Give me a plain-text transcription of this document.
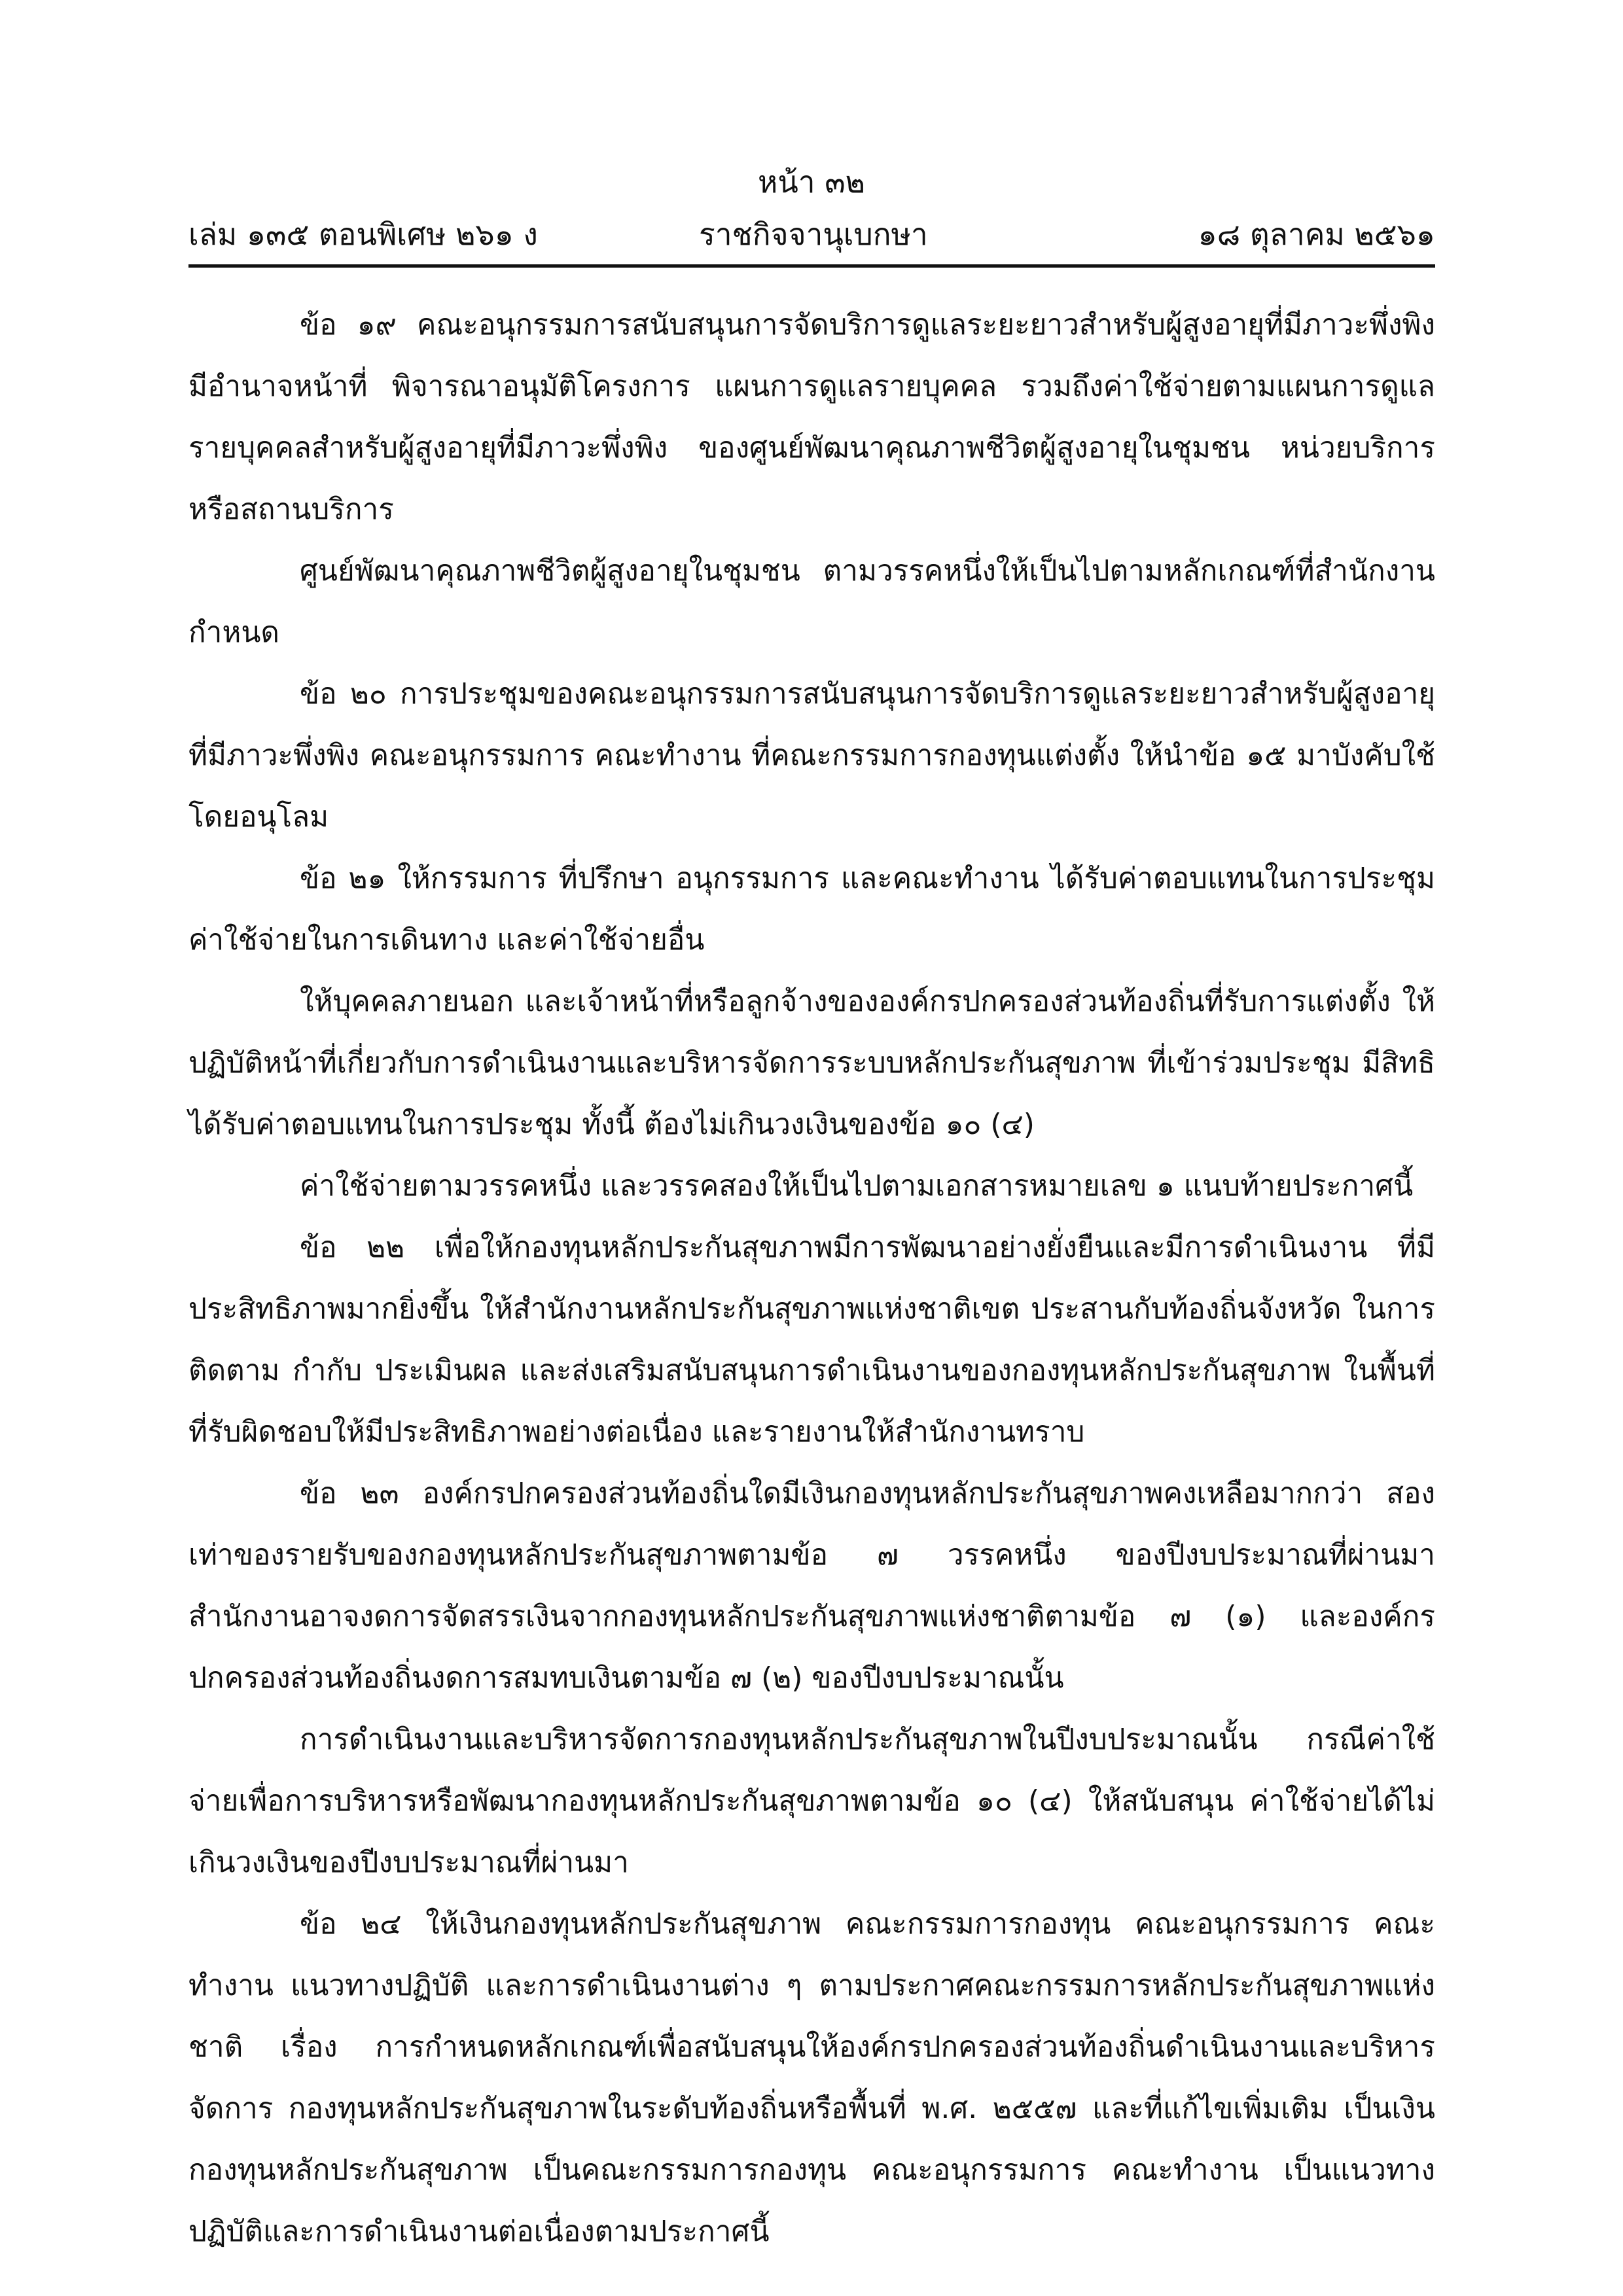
หน้า ๓๒
เล่ม ๑๓๕ ตอนพิเศษ ๒๖๑ ง	ราชกิจจานุเบกษา	๑๘ ตุลาคม ๒๕๖๑

ข้อ ๑๙ คณะอนุกรรมการสนับสนุนการจัดบริการดูแลระยะยาวสำหรับผู้สูงอายุที่มีภาวะพึ่งพิง มีอำนาจหน้าที่ พิจารณาอนุมัติโครงการ แผนการดูแลรายบุคคล รวมถึงค่าใช้จ่ายตามแผนการดูแลรายบุคคลสำหรับผู้สูงอายุที่มีภาวะพึ่งพิง ของศูนย์พัฒนาคุณภาพชีวิตผู้สูงอายุในชุมชน หน่วยบริการ หรือสถานบริการ

ศูนย์พัฒนาคุณภาพชีวิตผู้สูงอายุในชุมชน ตามวรรคหนึ่งให้เป็นไปตามหลักเกณฑ์ที่สำนักงานกำหนด

ข้อ ๒๐ การประชุมของคณะอนุกรรมการสนับสนุนการจัดบริการดูแลระยะยาวสำหรับผู้สูงอายุที่มีภาวะพึ่งพิง คณะอนุกรรมการ คณะทำงาน ที่คณะกรรมการกองทุนแต่งตั้ง ให้นำข้อ ๑๕ มาบังคับใช้โดยอนุโลม

ข้อ ๒๑ ให้กรรมการ ที่ปรึกษา อนุกรรมการ และคณะทำงาน ได้รับค่าตอบแทนในการประชุม ค่าใช้จ่ายในการเดินทาง และค่าใช้จ่ายอื่น

ให้บุคคลภายนอก และเจ้าหน้าที่หรือลูกจ้างขององค์กรปกครองส่วนท้องถิ่นที่รับการแต่งตั้ง ให้ปฏิบัติหน้าที่เกี่ยวกับการดำเนินงานและบริหารจัดการระบบหลักประกันสุขภาพ ที่เข้าร่วมประชุม มีสิทธิได้รับค่าตอบแทนในการประชุม ทั้งนี้ ต้องไม่เกินวงเงินของข้อ ๑๐ (๔)

ค่าใช้จ่ายตามวรรคหนึ่ง และวรรคสองให้เป็นไปตามเอกสารหมายเลข ๑ แนบท้ายประกาศนี้

ข้อ ๒๒ เพื่อให้กองทุนหลักประกันสุขภาพมีการพัฒนาอย่างยั่งยืนและมีการดำเนินงาน ที่มีประสิทธิภาพมากยิ่งขึ้น ให้สำนักงานหลักประกันสุขภาพแห่งชาติเขต ประสานกับท้องถิ่นจังหวัด ในการติดตาม กำกับ ประเมินผล และส่งเสริมสนับสนุนการดำเนินงานของกองทุนหลักประกันสุขภาพ ในพื้นที่ที่รับผิดชอบให้มีประสิทธิภาพอย่างต่อเนื่อง และรายงานให้สำนักงานทราบ

ข้อ ๒๓ องค์กรปกครองส่วนท้องถิ่นใดมีเงินกองทุนหลักประกันสุขภาพคงเหลือมากกว่า สองเท่าของรายรับของกองทุนหลักประกันสุขภาพตามข้อ ๗ วรรคหนึ่ง ของปีงบประมาณที่ผ่านมา สำนักงานอาจงดการจัดสรรเงินจากกองทุนหลักประกันสุขภาพแห่งชาติตามข้อ ๗ (๑) และองค์กรปกครองส่วนท้องถิ่นงดการสมทบเงินตามข้อ ๗ (๒) ของปีงบประมาณนั้น

การดำเนินงานและบริหารจัดการกองทุนหลักประกันสุขภาพในปีงบประมาณนั้น กรณีค่าใช้จ่ายเพื่อการบริหารหรือพัฒนากองทุนหลักประกันสุขภาพตามข้อ ๑๐ (๔) ให้สนับสนุน ค่าใช้จ่ายได้ไม่เกินวงเงินของปีงบประมาณที่ผ่านมา

ข้อ ๒๔ ให้เงินกองทุนหลักประกันสุขภาพ คณะกรรมการกองทุน คณะอนุกรรมการ คณะทำงาน แนวทางปฏิบัติ และการดำเนินงานต่าง ๆ ตามประกาศคณะกรรมการหลักประกันสุขภาพแห่งชาติ เรื่อง การกำหนดหลักเกณฑ์เพื่อสนับสนุนให้องค์กรปกครองส่วนท้องถิ่นดำเนินงานและบริหารจัดการ กองทุนหลักประกันสุขภาพในระดับท้องถิ่นหรือพื้นที่ พ.ศ. ๒๕๕๗ และที่แก้ไขเพิ่มเติม เป็นเงินกองทุนหลักประกันสุขภาพ เป็นคณะกรรมการกองทุน คณะอนุกรรมการ คณะทำงาน เป็นแนวทางปฏิบัติและการดำเนินงานต่อเนื่องตามประกาศนี้
